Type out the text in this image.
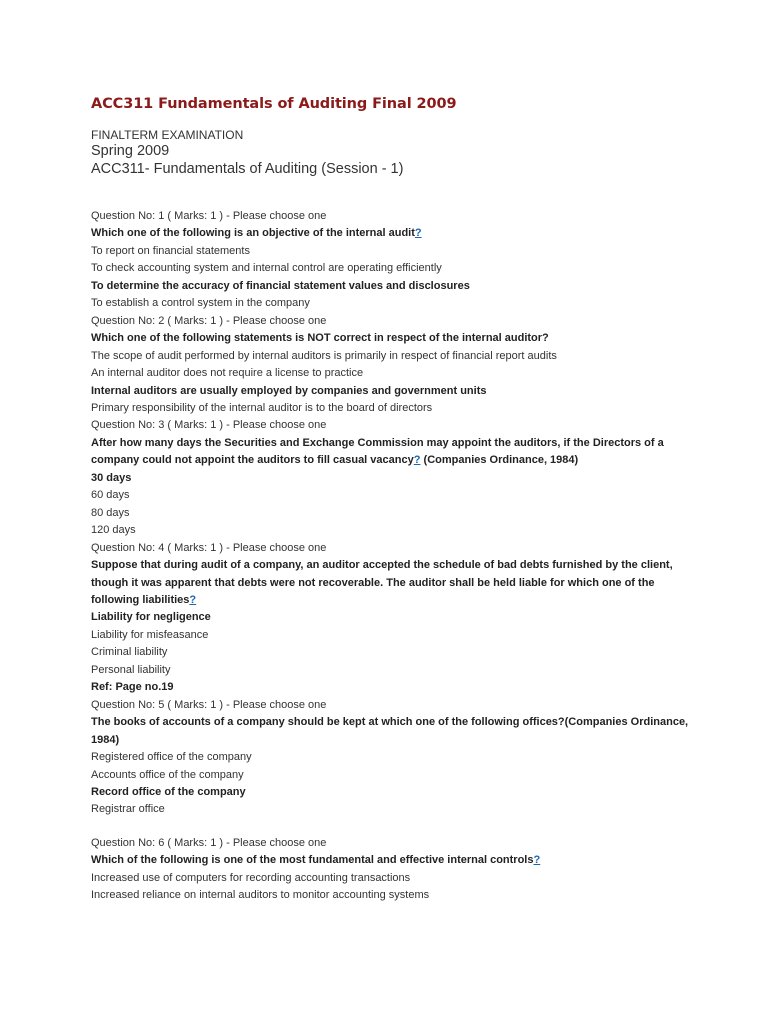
ACC311 Fundamentals of Auditing Final 2009

FINALTERM EXAMINATION

Spring 2009

ACC311- Fundamentals of Auditing (Session - 1)

Question No: 1 ( Marks: 1 ) - Please choose one

Which one of the following is an objective of the internal audit?

To report on financial statements

To check accounting system and internal control are operating efficiently

To determine the accuracy of financial statement values and disclosures

To establish a control system in the company

Question No: 2 ( Marks: 1 ) - Please choose one

Which one of the following statements is NOT correct in respect of the internal auditor?

The scope of audit performed by internal auditors is primarily in respect of financial report audits

An internal auditor does not require a license to practice

Internal auditors are usually employed by companies and government units

Primary responsibility of the internal auditor is to the board of directors

Question No: 3 ( Marks: 1 ) - Please choose one

After how many days the Securities and Exchange Commission may appoint the auditors, if the Directors of a company could not appoint the auditors to fill casual vacancy? (Companies Ordinance, 1984)

30 days

60 days

80 days

120 days

Question No: 4 ( Marks: 1 ) - Please choose one

Suppose that during audit of a company, an auditor accepted the schedule of bad debts furnished by the client, though it was apparent that debts were not recoverable. The auditor shall be held liable for which one of the following liabilities?

Liability for negligence

Liability for misfeasance

Criminal liability

Personal liability

Ref: Page no.19

Question No: 5 ( Marks: 1 ) - Please choose one

The books of accounts of a company should be kept at which one of the following offices?(Companies Ordinance, 1984)

Registered office of the company

Accounts office of the company

Record office of the company

Registrar office

Question No: 6 ( Marks: 1 ) - Please choose one

Which of the following is one of the most fundamental and effective internal controls?

Increased use of computers for recording accounting transactions

Increased reliance on internal auditors to monitor accounting systems
